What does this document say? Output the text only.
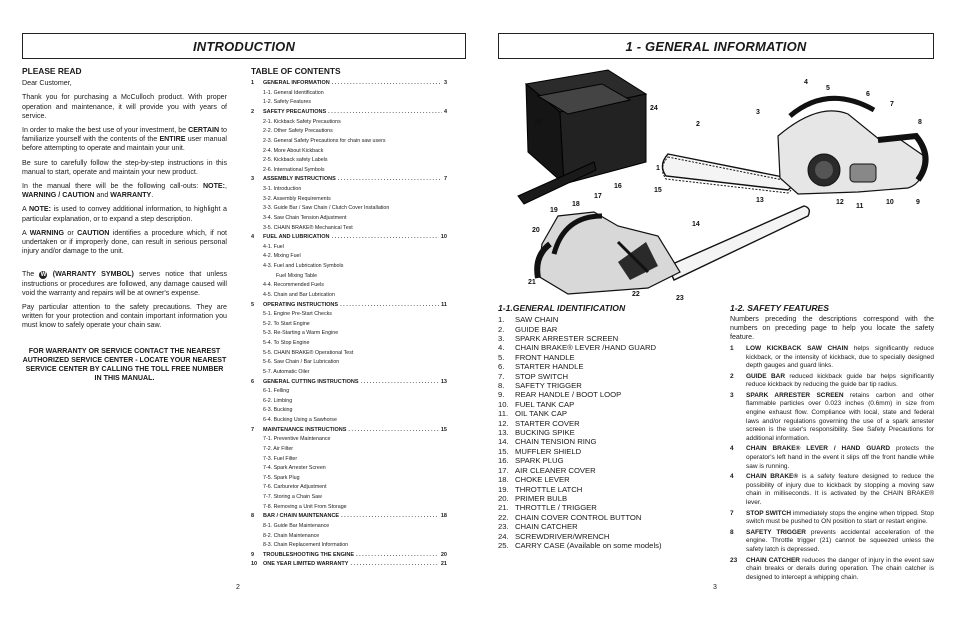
INTRODUCTION
PLEASE READ

Dear Customer,

Thank you for purchasing a McCulloch product. With proper operation and maintenance, it will provide you with years of service.

In order to make the best use of your investment, be CERTAIN to familiarize yourself with the contents of the ENTIRE user manual before attempting to operate and maintain your unit.

Be sure to carefully follow the step-by-step instructions in this manual to start, operate and maintain your new product.

In the manual there will be the following call-outs: NOTE:, WARNING / CAUTION and WARRANTY.

A NOTE: is used to convey additional information, to highlight a particular explanation, or to expand a step description.

A WARNING or CAUTION identifies a procedure which, if not undertaken or if improperly done, can result in serious personal injury and/or damage to the unit.

The W (WARRANTY SYMBOL) serves notice that unless instructions or procedures are followed, any damage caused will void the warranty and repairs will be at owner's expense.

Pay particular attention to the safety precautions. They are written for your protection and contain important information you must know to safely operate your chain saw.

FOR WARRANTY OR SERVICE CONTACT THE NEAREST AUTHORIZED SERVICE CENTER - LOCATE YOUR NEAREST SERVICE CENTER BY CALLING THE TOLL FREE NUMBER IN THIS MANUAL.
TABLE OF CONTENTS
1	GENERAL INFORMATION . . .	3
1-1. General Identification
1-2. Safety Features
2	SAFETY PRECAUTIONS . . .	4
2-1. Kickback Safety Precautions
2-2. Other Safety Precautions
2-3. General Safety Precautions for chain saw users
2-4. More About Kickback
2-5. Kickback safety Labels
2-6. International Symbols
3	ASSEMBLY INSTRUCTIONS . . .	7
3-1. Introduction
3-2. Assembly Requirements
3-3. Guide Bar / Saw Chain / Clutch Cover Installation
3-4. Saw Chain Tension Adjustment
3-5. CHAIN BRAKE® Mechanical Test
4	FUEL AND LUBRICATION . . .	10
4-1. Fuel
4-2. Mixing Fuel
4-3. Fuel and Lubrication Symbols
Fuel Mixing Table
4-4. Recommended Fuels
4-5. Chain and Bar Lubrication
5	OPERATING INSTRUCTIONS . . .	11
5-1. Engine Pre-Start Checks
5-2. To Start Engine
5-3. Re-Starting a Warm Engine
5-4. To Stop Engine
5-5. CHAIN BRAKE® Operational Test
5-6. Saw Chain / Bar Lubrication
5-7. Automatic Oiler
6	GENERAL CUTTING INSTRUCTIONS . . .	13
6-1. Felling
6-2. Limbing
6-3. Bucking
6-4. Bucking Using a Sawhorse
7	MAINTENANCE INSTRUCTIONS . . .	15
7-1. Preventive Maintenance
7-2. Air Filter
7-3. Fuel Filter
7-4. Spark Arrester Screen
7-5. Spark Plug
7-6. Carburetor Adjustment
7-7. Storing a Chain Saw
7-8. Removing a Unit From Storage
8	BAR / CHAIN MAINTENANCE . . .	18
8-1. Guide Bar Maintenance
8-2. Chain Maintenance
8-3. Chain Replacement Information
9	TROUBLESHOOTING THE ENGINE . . .	20
10	ONE YEAR LIMITED WARRANTY . . .	21
2
1 - GENERAL INFORMATION
1
2
3
4
5
6
7
8
9
10
11
12
13
14
15
16
17
18
19
20
21
22
23
24
25
1-1.GENERAL IDENTIFICATION
1.	SAW CHAIN
2.	GUIDE BAR
3.	SPARK ARRESTER SCREEN
4.	CHAIN BRAKE® LEVER /HAND GUARD
5.	FRONT HANDLE
6.	STARTER HANDLE
7.	STOP SWITCH
8.	SAFETY TRIGGER
9.	REAR HANDLE / BOOT LOOP
10. FUEL TANK CAP
11. OIL TANK CAP
12. STARTER COVER
13. BUCKING SPIKE
14. CHAIN TENSION RING
15. MUFFLER SHIELD
16. SPARK PLUG
17. AIR CLEANER COVER
18. CHOKE LEVER
19. THROTTLE LATCH
20. PRIMER BULB
21. THROTTLE / TRIGGER
22. CHAIN COVER CONTROL BUTTON
23. CHAIN CATCHER
24. SCREWDRIVER/WRENCH
25. CARRY CASE (Available on some models)
1-2. SAFETY FEATURES
Numbers preceding the descriptions correspond with the numbers on preceding page to help you locate the safety feature.
1	LOW KICKBACK SAW CHAIN helps significantly reduce kickback, or the intensity of kickback, due to specially designed depth gauges and guard links.
2	GUIDE BAR reduced kickback guide bar helps significantly reduce kickback by reducing the guide bar tip radius.
3	SPARK ARRESTER SCREEN retains carbon and other flammable particles over 0.023 inches (0.6mm) in size from engine exhaust flow. Compliance with local, state and federal laws and/or regulations governing the use of a spark arrester screen is the user's responsibility. See Safety Precautions for additional information.
4	CHAIN BRAKE® LEVER / HAND GUARD protects the operator's left hand in the event it slips off the front handle while saw is running.
4	CHAIN BRAKE® is a safety feature designed to reduce the possibility of injury due to kickback by stopping a moving saw chain in milliseconds. It is activated by the CHAIN BRAKE® lever.
7	STOP SWITCH immediately stops the engine when tripped. Stop switch must be pushed to ON position to start or restart engine.
8	SAFETY TRIGGER prevents accidental acceleration of the engine. Throttle trigger (21) cannot be squeezed unless the safety latch is depressed.
23	CHAIN CATCHER reduces the danger of injury in the event saw chain breaks or derails during operation. The chain catcher is designed to intercept a whipping chain.
3
